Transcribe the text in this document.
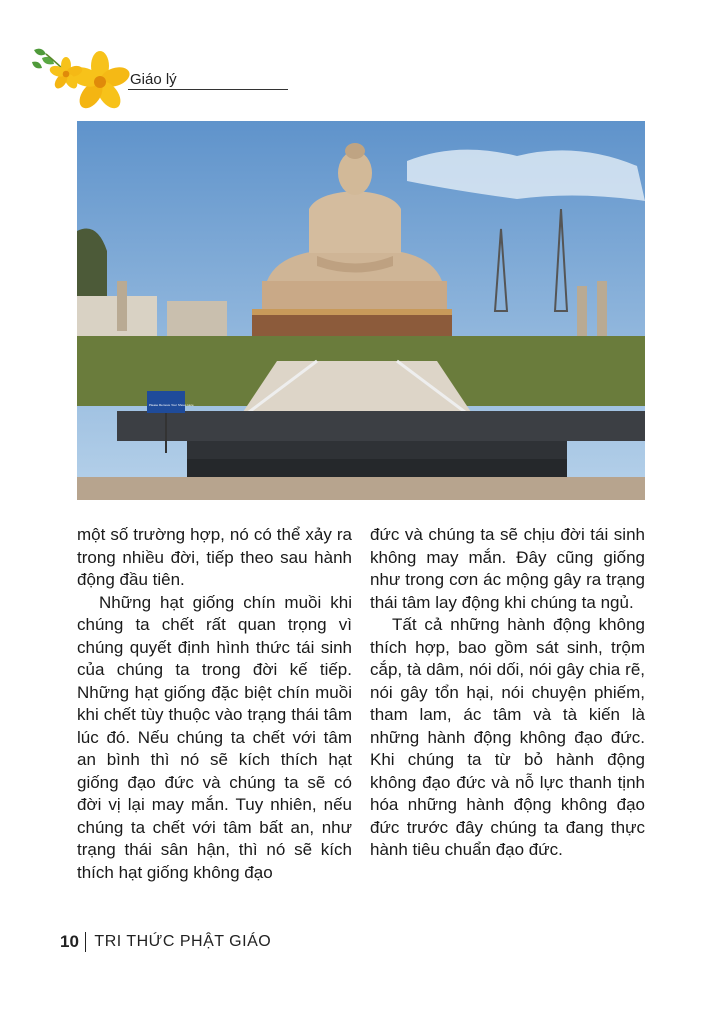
Giáo lý
Please Remove Your Shoes Here

một số trường hợp, nó có thể xảy ra trong nhiều đời, tiếp theo sau hành động đầu tiên.

Những hạt giống chín muồi khi chúng ta chết rất quan trọng vì chúng quyết định hình thức tái sinh của chúng ta trong đời kế tiếp. Những hạt giống đặc biệt chín muồi khi chết tùy thuộc vào trạng thái tâm lúc đó. Nếu chúng ta chết với tâm an bình thì nó sẽ kích thích hạt giống đạo đức và chúng ta sẽ có đời vị lại may mắn. Tuy nhiên, nếu chúng ta chết với tâm bất an, như trạng thái sân hận, thì nó sẽ kích thích hạt giống không đạo

đức và chúng ta sẽ chịu đời tái sinh không may mắn. Đây cũng giống như trong cơn ác mộng gây ra trạng thái tâm lay động khi chúng ta ngủ.

Tất cả những hành động không thích hợp, bao gồm sát sinh, trộm cắp, tà dâm, nói dối, nói gây chia rẽ, nói gây tổn hại, nói chuyện phiếm, tham lam, ác tâm và tà kiến là những hành động không đạo đức. Khi chúng ta từ bỏ hành động không đạo đức và nỗ lực thanh tịnh hóa những hành động không đạo đức trước đây chúng ta đang thực hành tiêu chuẩn đạo đức.

10 TRI THỨC PHẬT GIÁO
